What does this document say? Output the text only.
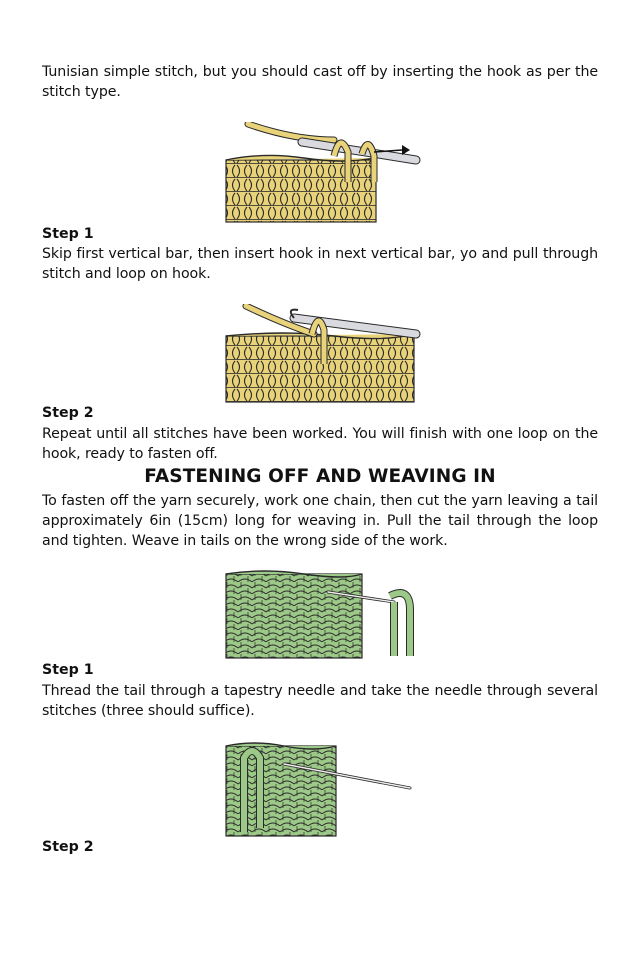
Tunisian simple stitch, but you should cast off by inserting the hook as per the stitch type.

Step 1

Skip first vertical bar, then insert hook in next vertical bar, yo and pull through stitch and loop on hook.

Step 2

Repeat until all stitches have been worked. You will finish with one loop on the hook, ready to fasten off.

FASTENING OFF AND WEAVING IN

To fasten off the yarn securely, work one chain, then cut the yarn leaving a tail approximately 6in (15cm) long for weaving in. Pull the tail through the loop and tighten. Weave in tails on the wrong side of the work.

Step 1

Thread the tail through a tapestry needle and take the needle through several stitches (three should suffice).

Step 2
